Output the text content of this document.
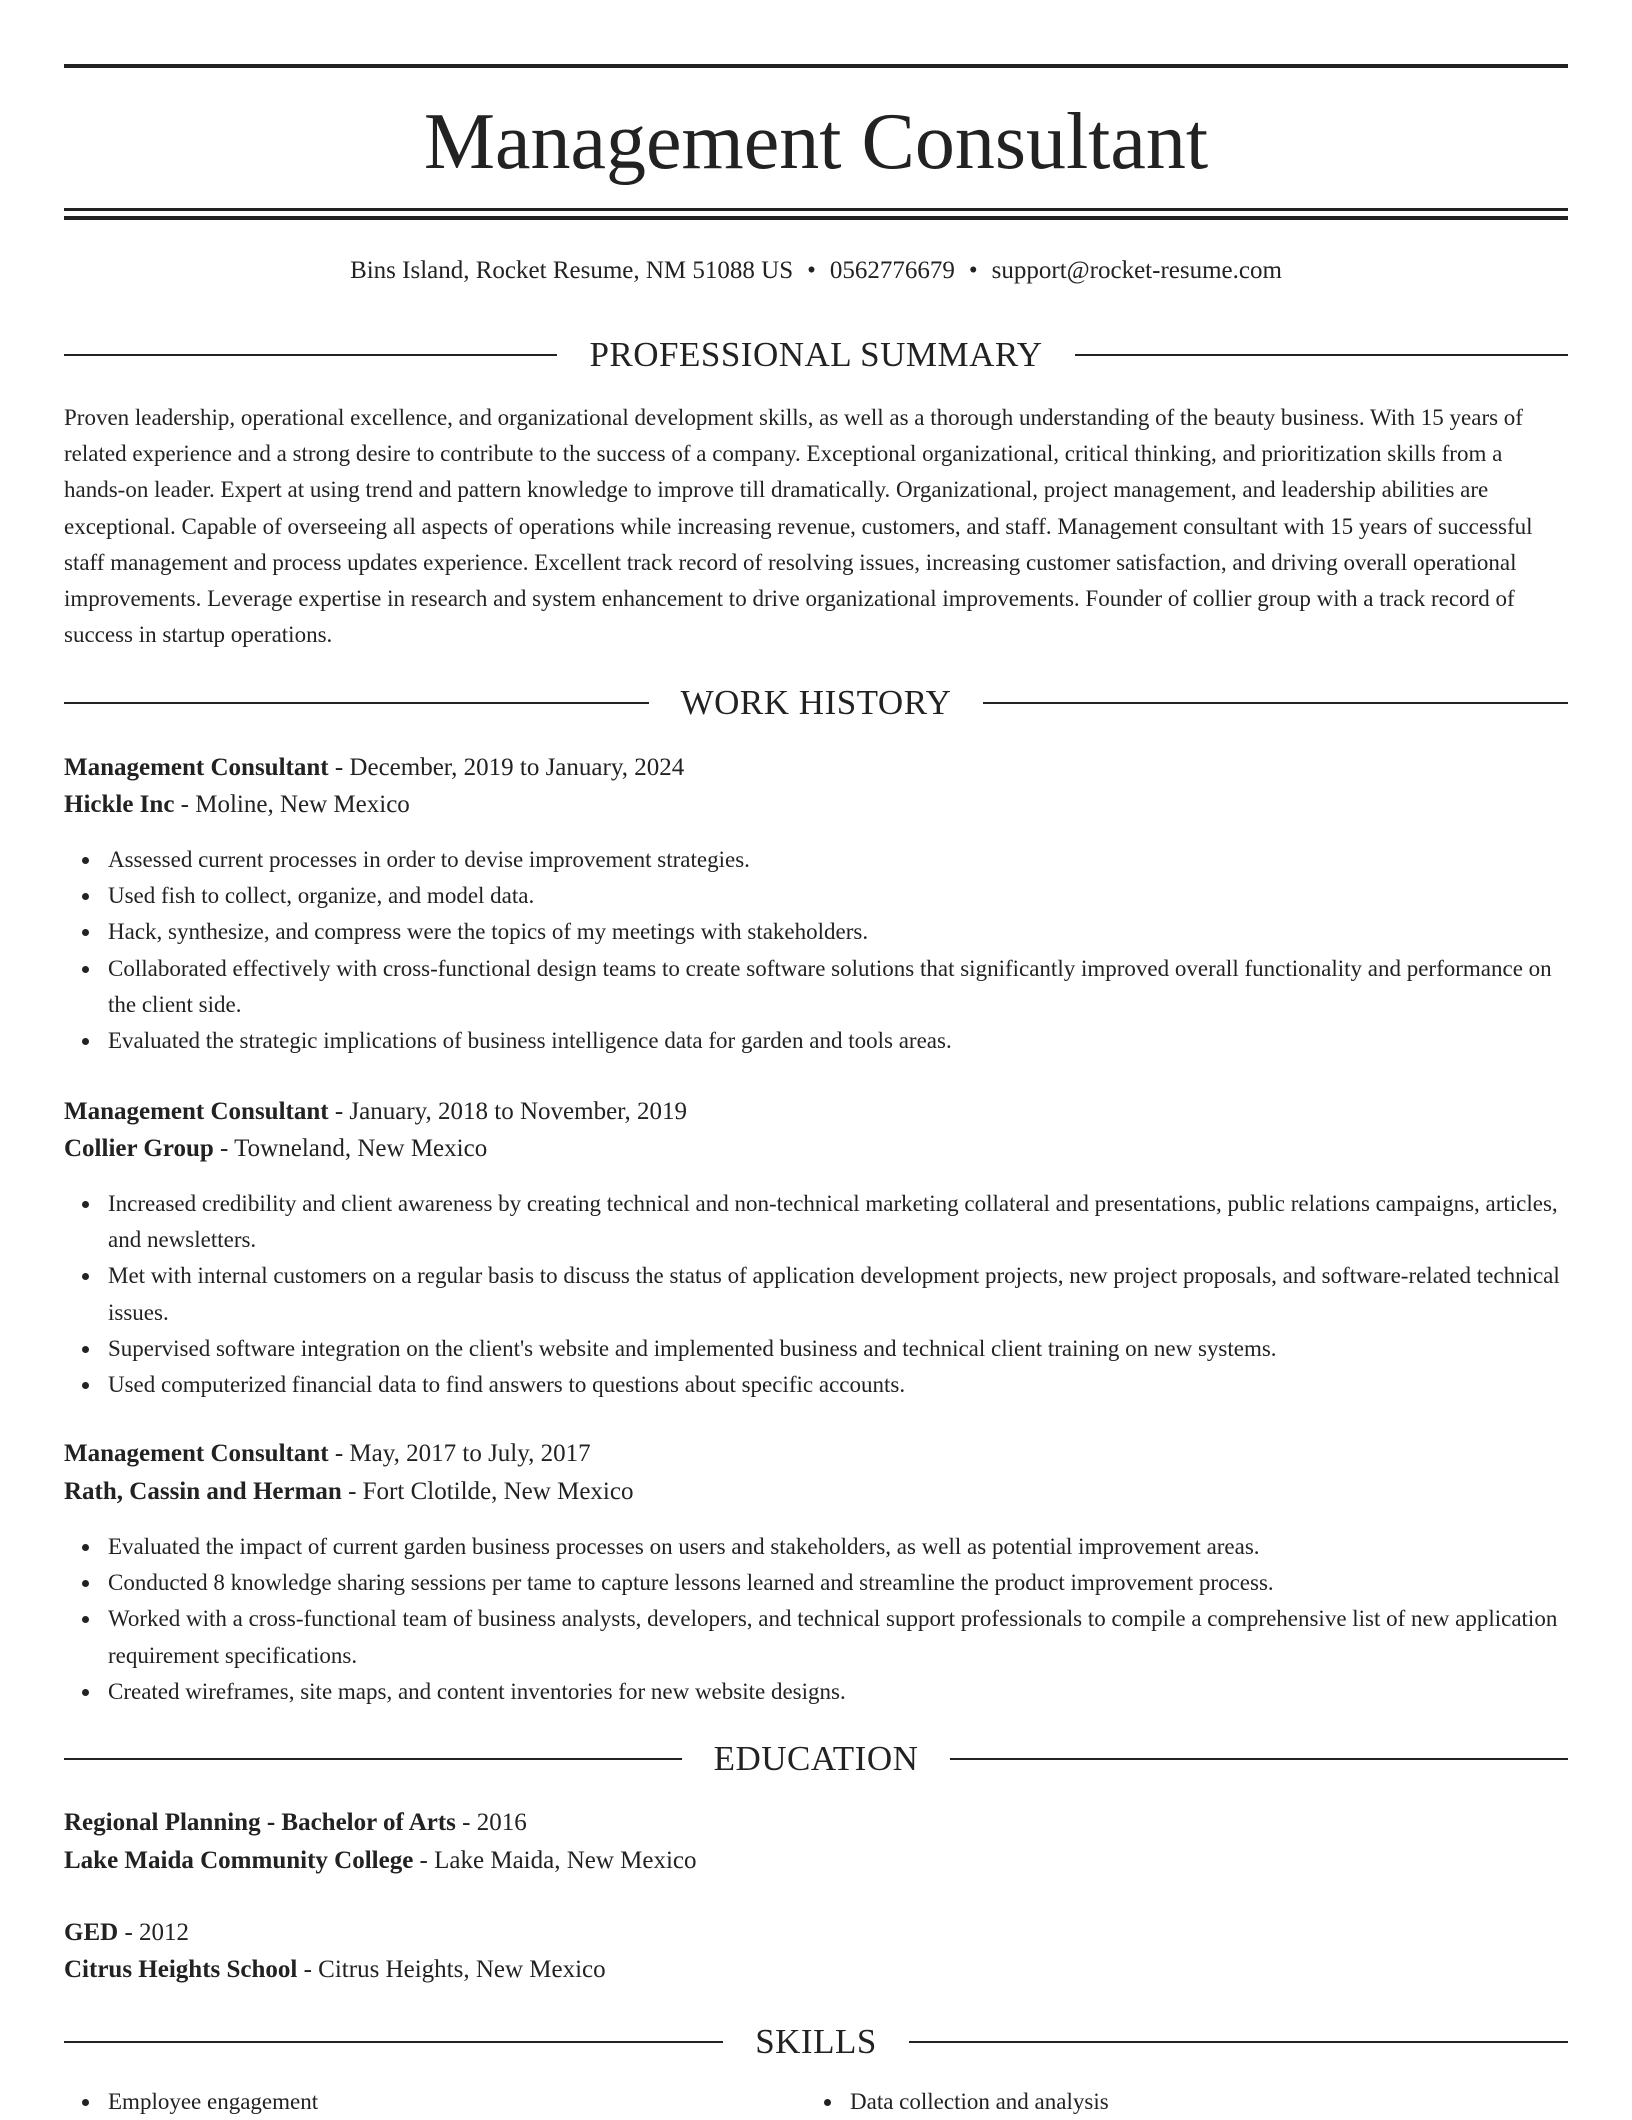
Management Consultant
Bins Island, Rocket Resume, NM 51088 US • 0562776679 • support@rocket-resume.com
PROFESSIONAL SUMMARY

Proven leadership, operational excellence, and organizational development skills, as well as a thorough understanding of the beauty business. With 15 years of related experience and a strong desire to contribute to the success of a company. Exceptional organizational, critical thinking, and prioritization skills from a hands-on leader. Expert at using trend and pattern knowledge to improve till dramatically. Organizational, project management, and leadership abilities are exceptional. Capable of overseeing all aspects of operations while increasing revenue, customers, and staff. Management consultant with 15 years of successful staff management and process updates experience. Excellent track record of resolving issues, increasing customer satisfaction, and driving overall operational improvements. Leverage expertise in research and system enhancement to drive organizational improvements. Founder of collier group with a track record of success in startup operations.

WORK HISTORY
Management Consultant - December, 2019 to January, 2024
Hickle Inc - Moline, New Mexico
Assessed current processes in order to devise improvement strategies.
Used fish to collect, organize, and model data.
Hack, synthesize, and compress were the topics of my meetings with stakeholders.
Collaborated effectively with cross-functional design teams to create software solutions that significantly improved overall functionality and performance on the client side.
Evaluated the strategic implications of business intelligence data for garden and tools areas.
Management Consultant - January, 2018 to November, 2019
Collier Group - Towneland, New Mexico
Increased credibility and client awareness by creating technical and non-technical marketing collateral and presentations, public relations campaigns, articles, and newsletters.
Met with internal customers on a regular basis to discuss the status of application development projects, new project proposals, and software-related technical issues.
Supervised software integration on the client's website and implemented business and technical client training on new systems.
Used computerized financial data to find answers to questions about specific accounts.
Management Consultant - May, 2017 to July, 2017
Rath, Cassin and Herman - Fort Clotilde, New Mexico
Evaluated the impact of current garden business processes on users and stakeholders, as well as potential improvement areas.
Conducted 8 knowledge sharing sessions per tame to capture lessons learned and streamline the product improvement process.
Worked with a cross-functional team of business analysts, developers, and technical support professionals to compile a comprehensive list of new application requirement specifications.
Created wireframes, site maps, and content inventories for new website designs.
EDUCATION
Regional Planning - Bachelor of Arts - 2016
Lake Maida Community College - Lake Maida, New Mexico
GED - 2012
Citrus Heights School - Citrus Heights, New Mexico
SKILLS
Employee engagement	Data collection and analysis
